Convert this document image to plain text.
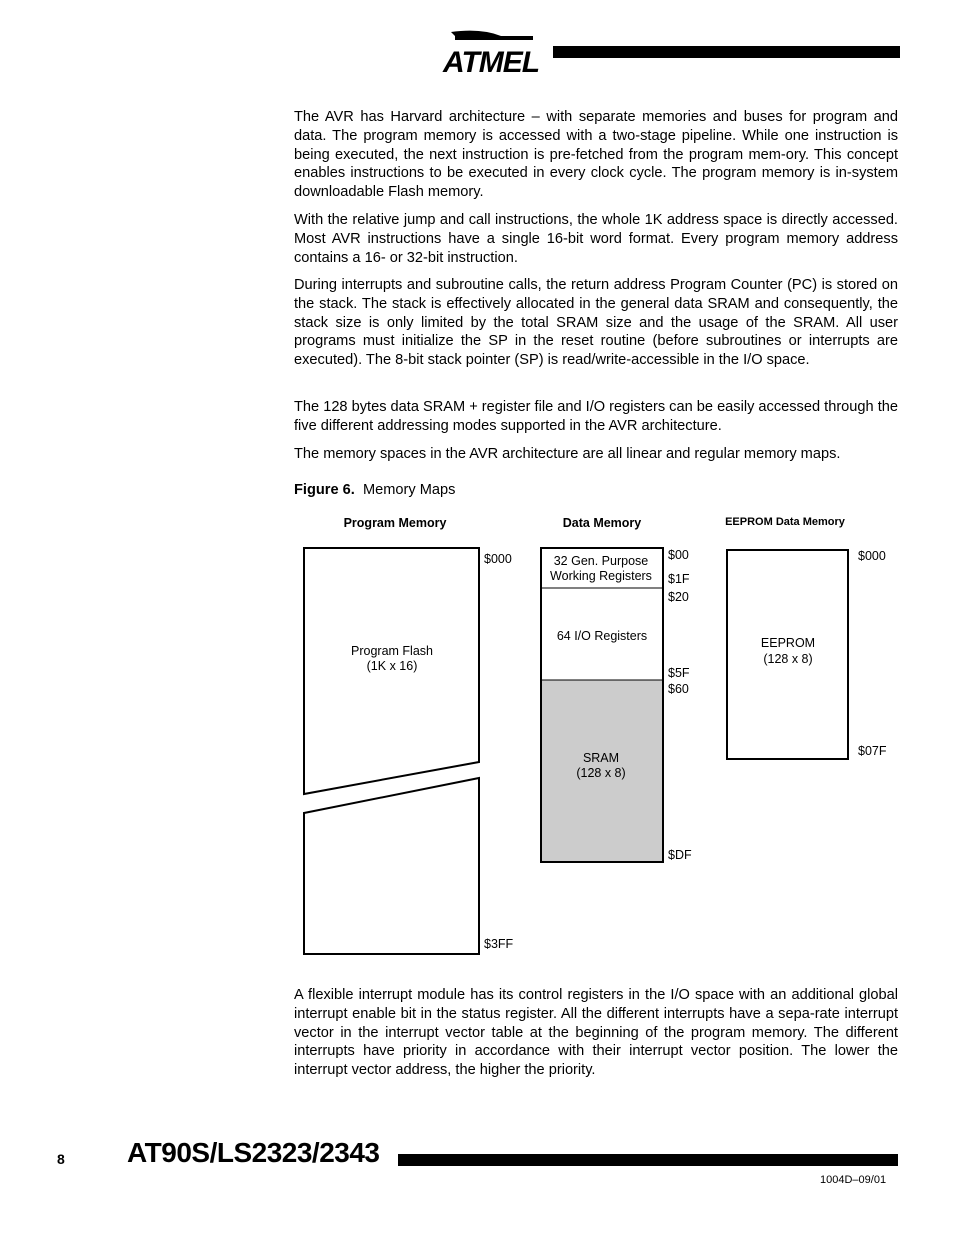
ATMEL

The AVR has Harvard architecture – with separate memories and buses for program and data. The program memory is accessed with a two-stage pipeline. While one instruction is being executed, the next instruction is pre-fetched from the program mem-ory. This concept enables instructions to be executed in every clock cycle. The program memory is in-system downloadable Flash memory.

With the relative jump and call instructions, the whole 1K address space is directly accessed. Most AVR instructions have a single 16-bit word format. Every program memory address contains a 16- or 32-bit instruction.

During interrupts and subroutine calls, the return address Program Counter (PC) is stored on the stack. The stack is effectively allocated in the general data SRAM and consequently, the stack size is only limited by the total SRAM size and the usage of the SRAM. All user programs must initialize the SP in the reset routine (before subroutines or interrupts are executed). The 8-bit stack pointer (SP) is read/write-accessible in the I/O space.

The 128 bytes data SRAM + register file and I/O registers can be easily accessed through the five different addressing modes supported in the AVR architecture.

The memory spaces in the AVR architecture are all linear and regular memory maps.

Figure 6. Memory Maps
Program Memory	Data Memory	EEPROM Data Memory
Program Flash
(1K x 16)
$000
$3FF
32 Gen. Purpose
Working Registers
64 I/O Registers
SRAM
(128 x 8)
$00
$1F
$20
$5F
$60
$DF
EEPROM
(128 x 8)
$000
$07F

A flexible interrupt module has its control registers in the I/O space with an additional global interrupt enable bit in the status register. All the different interrupts have a sepa-rate interrupt vector in the interrupt vector table at the beginning of the program memory. The different interrupts have priority in accordance with their interrupt vector position. The lower the interrupt vector address, the higher the priority.

8 AT90S/LS2323/2343
1004D–09/01
